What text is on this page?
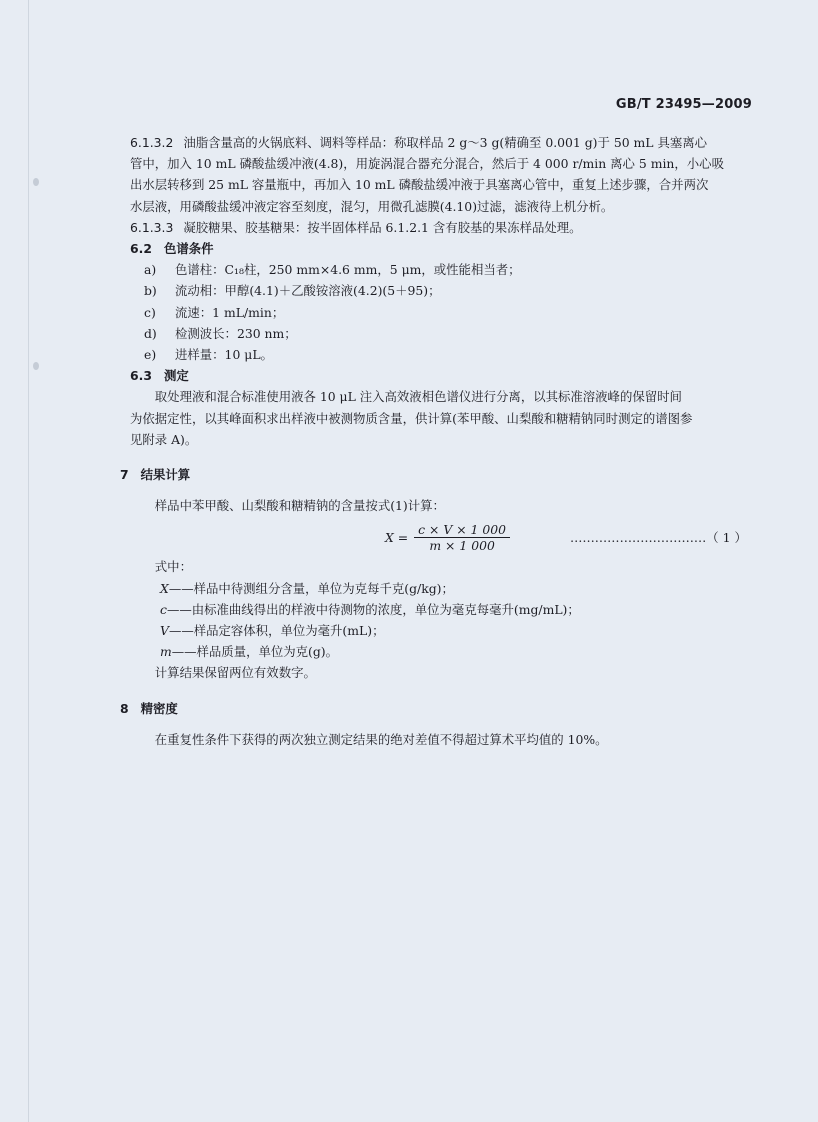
GB/T 23495—2009

6.1.3.2 油脂含量高的火锅底料、调料等样品：称取样品 2 g～3 g(精确至 0.001 g)于 50 mL 具塞离心

管中，加入 10 mL 磷酸盐缓冲液(4.8)，用旋涡混合器充分混合，然后于 4 000 r/min 离心 5 min，小心吸

出水层转移到 25 mL 容量瓶中，再加入 10 mL 磷酸盐缓冲液于具塞离心管中，重复上述步骤，合并两次

水层液，用磷酸盐缓冲液定容至刻度，混匀，用微孔滤膜(4.10)过滤，滤液待上机分析。

6.1.3.3 凝胶糖果、胶基糖果：按半固体样品 6.1.2.1 含有胶基的果冻样品处理。

6.2 色谱条件

a) 色谱柱：C₁₈柱，250 mm×4.6 mm，5 μm，或性能相当者；

b) 流动相：甲醇(4.1)＋乙酸铵溶液(4.2)(5＋95)；

c) 流速：1 mL/min；

d) 检测波长：230 nm；

e) 进样量：10 μL。

6.3 测定

取处理液和混合标准使用液各 10 μL 注入高效液相色谱仪进行分离，以其标准溶液峰的保留时间

为依据定性，以其峰面积求出样液中被测物质含量，供计算(苯甲酸、山梨酸和糖精钠同时测定的谱图参

见附录 A)。

7 结果计算

样品中苯甲酸、山梨酸和糖精钠的含量按式(1)计算：

$X = \frac{c \times V \times 1 000}{m \times 1 000}$	……………………………（ 1 ）

式中：

X——样品中待测组分含量，单位为克每千克(g/kg)；

c——由标准曲线得出的样液中待测物的浓度，单位为毫克每毫升(mg/mL)；

V——样品定容体积，单位为毫升(mL)；

m——样品质量，单位为克(g)。

计算结果保留两位有效数字。

8 精密度

在重复性条件下获得的两次独立测定结果的绝对差值不得超过算术平均值的 10%。
